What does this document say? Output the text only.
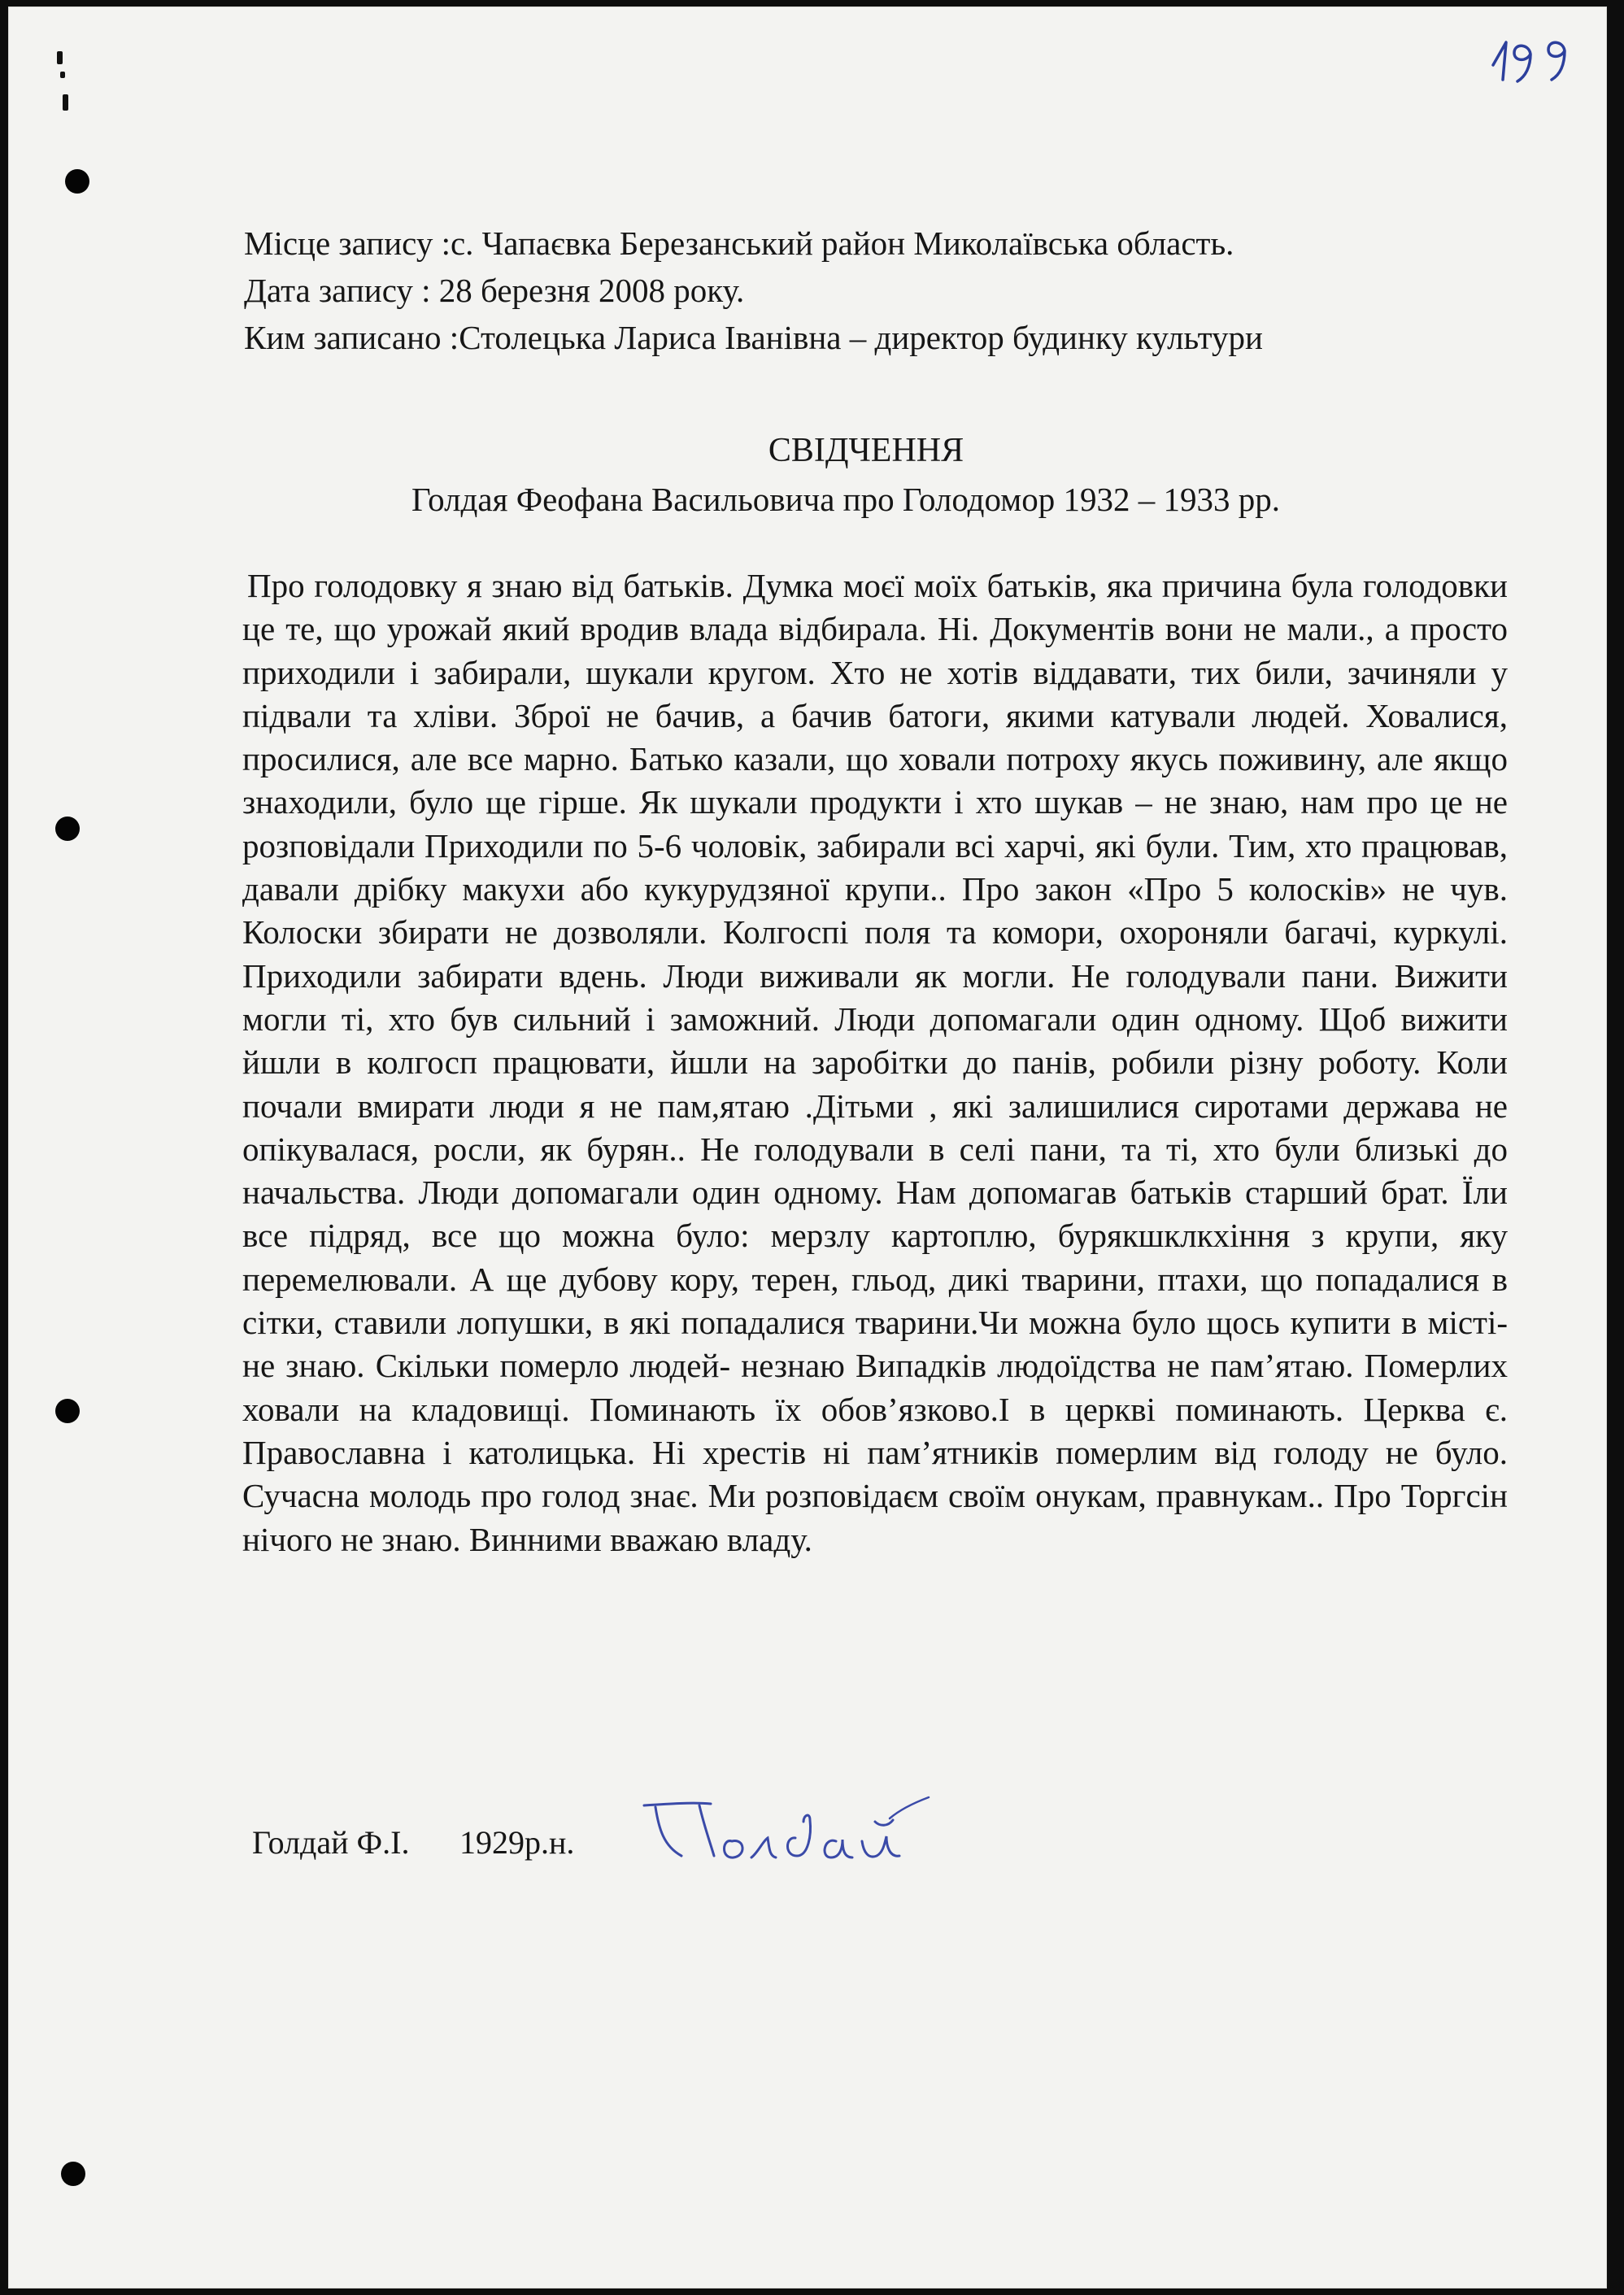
Місце запису :с. Чапаєвка Березанський район Миколаївська область.
Дата запису : 28 березня 2008 року.
Ким записано :Столецька Лариса Іванівна – директор будинку культури
СВІДЧЕННЯ
Голдая Феофана Васильовича про Голодомор 1932 – 1933 рр.

Про голодовку я знаю від батьків. Думка моєї моїх батьків, яка причина була голодовки це те, що урожай який вродив влада відбирала. Ні. Документів вони не мали., а просто приходили і забирали, шукали кругом. Хто не хотів віддавати, тих били, зачиняли у підвали та хліви. Зброї не бачив, а бачив батоги, якими катували людей. Ховалися, просилися, але все марно. Батько казали, що ховали потроху якусь поживину, але якщо знаходили, було ще гірше. Як шукали продукти і хто шукав – не знаю, нам про це не розповідали Приходили по 5-6 чоловік, забирали всі харчі, які були. Тим, хто працював, давали дрібку макухи або кукурудзяної крупи.. Про закон «Про 5 колосків» не чув. Колоски збирати не дозволяли. Колгоспі поля та комори, охороняли багачі, куркулі. Приходили забирати вдень. Люди виживали як могли. Не голодували пани. Вижити могли ті, хто був сильний і заможний. Люди допомагали один одному. Щоб вижити йшли в колгосп працювати, йшли на заробітки до панів, робили різну роботу. Коли почали вмирати люди я не пам,ятаю .Дітьми , які залишилися сиротами держава не опікувалася, росли, як бурян.. Не голодували в селі пани, та ті, хто були близькі до начальства. Люди допомагали один одному. Нам допомагав батьків старший брат. Їли все підряд, все що можна було: мерзлу картоплю, бурякшклкхіння з крупи, яку перемелювали. А ще дубову кору, терен, гльод, дикі тварини, птахи, що попадалися в сітки, ставили лопушки, в які попадалися тварини.Чи можна було щось купити в місті- не знаю. Скільки померло людей- незнаю Випадків людоїдства не пам’ятаю. Померлих ховали на кладовищі. Поминають їх обов’язково.І в церкві поминають. Церква є. Православна і католицька. Ні хрестів ні пам’ятників померлим від голоду не було. Сучасна молодь про голод знає. Ми розповідаєм своїм онукам, правнукам.. Про Торгсін нічого не знаю. Винними вважаю владу.

Голдай Ф.І. 1929р.н.
